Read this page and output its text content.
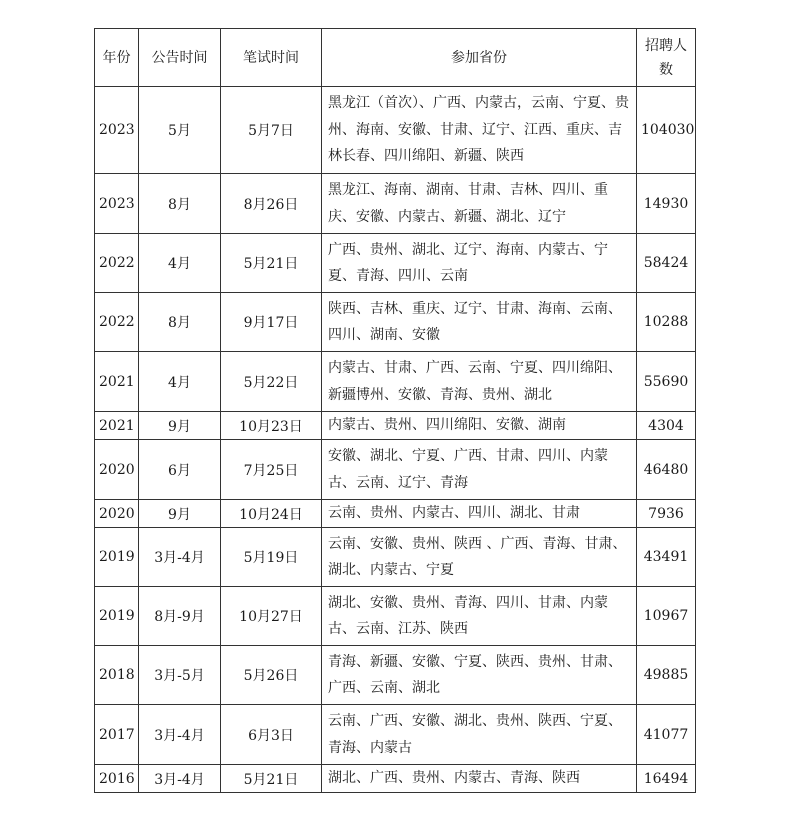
年份	公告时间	笔试时间	参加省份	招聘人数
2023	5月	5月7日	黑龙江（首次）、广西、内蒙古，云南、宁夏、贵州、海南、安徽、甘肃、辽宁、江西、重庆、吉林长春、四川绵阳、新疆、陕西	104030
2023	8月	8月26日	黑龙江、海南、湖南、甘肃、吉林、四川、重庆、安徽、内蒙古、新疆、湖北、辽宁	14930
2022	4月	5月21日	广西、贵州、湖北、辽宁、海南、内蒙古、宁夏、青海、四川、云南	58424
2022	8月	9月17日	陕西、吉林、重庆、辽宁、甘肃、海南、云南、四川、湖南、安徽	10288
2021	4月	5月22日	内蒙古、甘肃、广西、云南、宁夏、四川绵阳、新疆博州、安徽、青海、贵州、湖北	55690
2021	9月	10月23日	内蒙古、贵州、四川绵阳、安徽、湖南	4304
2020	6月	7月25日	安徽、湖北、宁夏、广西、甘肃、四川、内蒙古、云南、辽宁、青海	46480
2020	9月	10月24日	云南、贵州、内蒙古、四川、湖北、甘肃	7936
2019	3月-4月	5月19日	云南、安徽、贵州、陕西 、广西、青海、甘肃、湖北、内蒙古、宁夏	43491
2019	8月-9月	10月27日	湖北、安徽、贵州、青海、四川、甘肃、内蒙古、云南、江苏、陕西	10967
2018	3月-5月	5月26日	青海、新疆、安徽、宁夏、陕西、贵州、甘肃、广西、云南、湖北	49885
2017	3月-4月	6月3日	云南、广西、安徽、湖北、贵州、陕西、宁夏、青海、内蒙古	41077
2016	3月-4月	5月21日	湖北、广西、贵州、内蒙古、青海、陕西	16494
